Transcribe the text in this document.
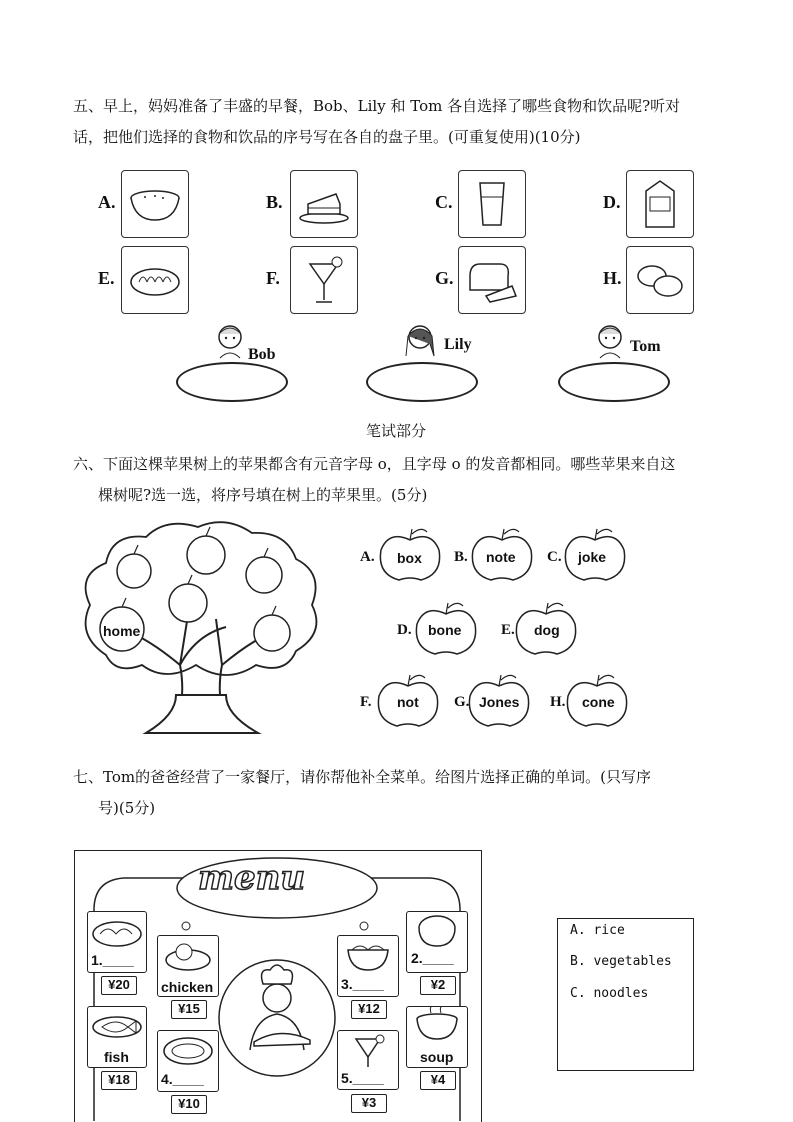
五、早上，妈妈准备了丰盛的早餐，Bob、Lily 和 Tom 各自选择了哪些食物和饮品呢?听对
话，把他们选择的食物和饮品的序号写在各自的盘子里。(可重复使用)(10分)
A.	B.	C.	D.
E.	F.	G.	H.
Bob
Lily	Tom
笔试部分
六、下面这棵苹果树上的苹果都含有元音字母 o，且字母 o 的发音都相同。哪些苹果来自这
棵树呢?选一选，将序号填在树上的苹果里。(5分)
home
A. box B. note C. joke
D. bone	E. dog
F. not G. Jones H. cone
七、Tom的爸爸经营了一家餐厅，请你帮他补全菜单。给图片选择正确的单词。(只写序
号)(5分)
menu
1.____
¥20	chicken
¥15
3.____
¥12
2.____
¥2
fish
¥18	4.____
¥10
5.____
¥3
soup
¥4
A. rice
B. vegetables
C. noodles
